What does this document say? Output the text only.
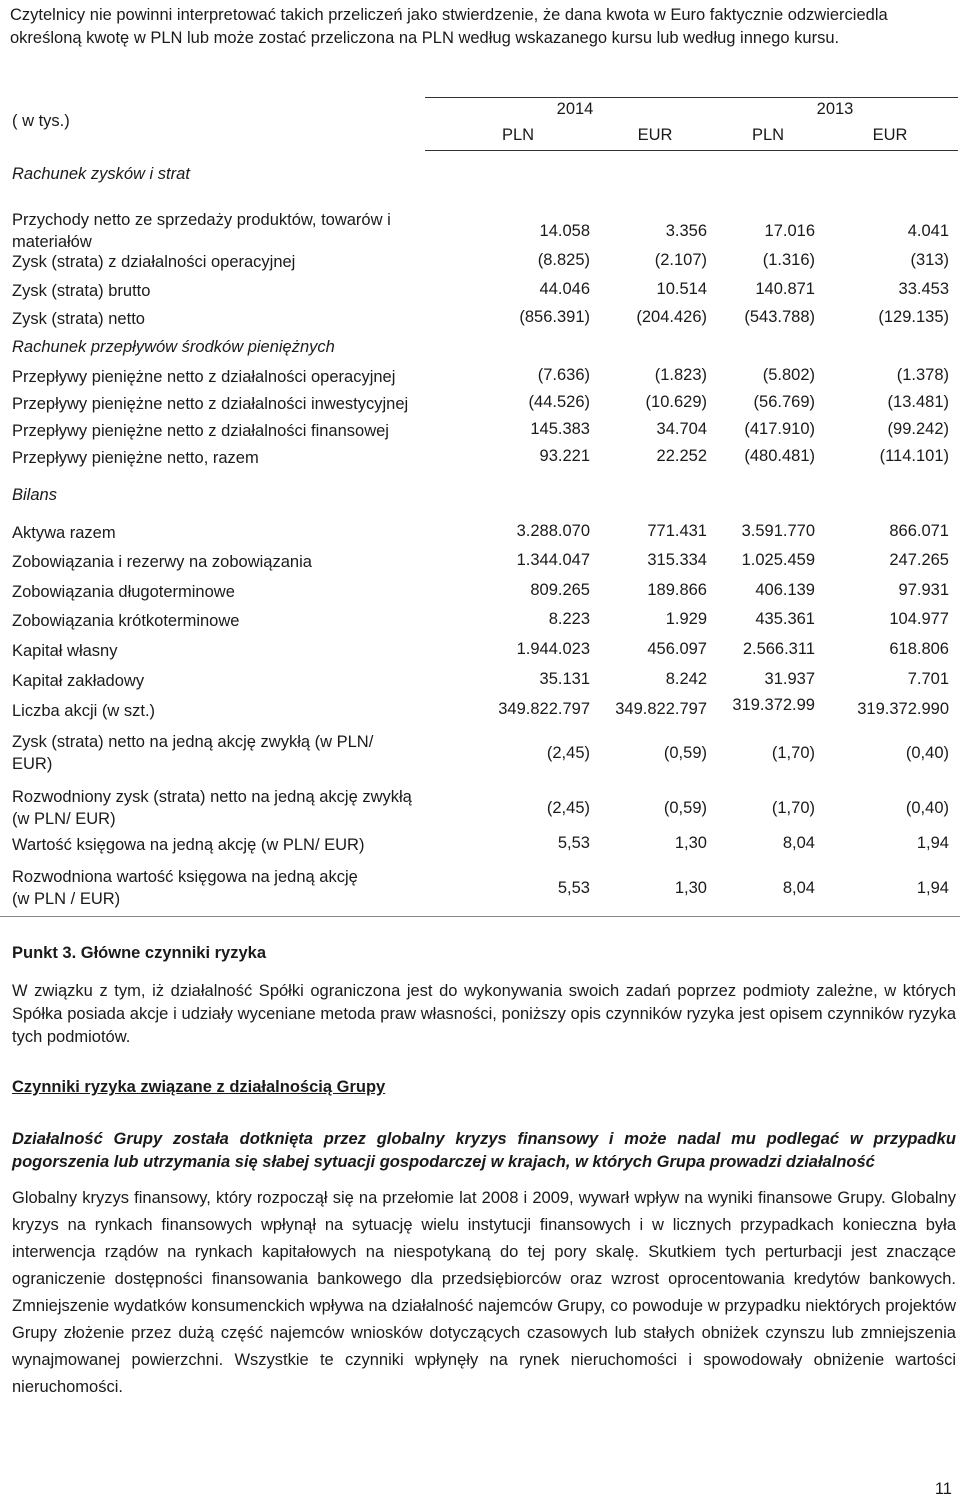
Czytelnicy nie powinni interpretować takich przeliczeń jako stwierdzenie, że dana kwota w Euro faktycznie odzwierciedla określoną kwotę w PLN lub może zostać przeliczona na PLN według wskazanego kursu lub według innego kursu.
( w tys.)
2014	2013
PLN	EUR	PLN	EUR
Rachunek zysków i strat
Przychody netto ze sprzedaży produktów, towarów i
materiałów
14.058	3.356	17.016	4.041
Zysk (strata) z działalności operacyjnej	(8.825)	(2.107)	(1.316)	(313)
Zysk (strata) brutto	44.046	10.514	140.871	33.453
Zysk (strata) netto	(856.391)	(204.426) (543.788)	(129.135)
Przepływy pieniężne netto z działalności operacyjnej	(7.636)	(1.823)	(5.802)	(1.378)
Przepływy pieniężne netto z działalności inwestycyjnej	(44.526)	(10.629)	(56.769)	(13.481)
Przepływy pieniężne netto z działalności finansowej	145.383	34.704 (417.910)	(99.242)
Przepływy pieniężne netto, razem	93.221	22.252 (480.481)	(114.101)
Aktywa razem	3.288.070	771.431 3.591.770	866.071
Zobowiązania i rezerwy na zobowiązania	1.344.047	315.334 1.025.459	247.265
Zobowiązania długoterminowe	809.265	189.866	406.139	97.931
Zobowiązania krótkoterminowe	8.223	1.929	435.361	104.977
Kapitał własny	1.944.023	456.097 2.566.311	618.806
Kapitał zakładowy	35.131	8.242	31.937	7.701
Liczba akcji (w szt.)	349.822.797 349.822.797 319.372.99	319.372.990
Zysk (strata) netto na jedną akcję zwykłą (w PLN/
EUR)
(2,45)	(0,59)	(1,70)	(0,40)
Rozwodniony zysk (strata) netto na jedną akcję zwykłą
(w PLN/ EUR)
(2,45)	(0,59)	(1,70)	(0,40)
Wartość księgowa na jedną akcję (w PLN/ EUR)	5,53	1,30	8,04	1,94
Rozwodniona wartość księgowa na jedną akcję
(w PLN / EUR)
5,53	1,30	8,04	1,94
Rachunek przepływów środków pieniężnych
Bilans
Punkt 3. Główne czynniki ryzyka
W związku z tym, iż działalność Spółki ograniczona jest do wykonywania swoich zadań poprzez podmioty zależne, w których Spółka posiada akcje i udziały wyceniane metoda praw własności, poniższy opis czynników ryzyka jest opisem czynników ryzyka tych podmiotów.
Czynniki ryzyka związane z działalnością Grupy
Działalność Grupy została dotknięta przez globalny kryzys finansowy i może nadal mu podlegać w przypadku pogorszenia lub utrzymania się słabej sytuacji gospodarczej w krajach, w których Grupa prowadzi działalność
Globalny kryzys finansowy, który rozpoczął się na przełomie lat 2008 i 2009, wywarł wpływ na wyniki finansowe Grupy. Globalny kryzys na rynkach finansowych wpłynął na sytuację wielu instytucji finansowych i w licznych przypadkach konieczna była interwencja rządów na rynkach kapitałowych na niespotykaną do tej pory skalę. Skutkiem tych perturbacji jest znaczące ograniczenie dostępności finansowania bankowego dla przedsiębiorców oraz wzrost oprocentowania kredytów bankowych. Zmniejszenie wydatków konsumenckich wpływa na działalność najemców Grupy, co powoduje w przypadku niektórych projektów Grupy złożenie przez dużą część najemców wniosków dotyczących czasowych lub stałych obniżek czynszu lub zmniejszenia wynajmowanej powierzchni. Wszystkie te czynniki wpłynęły na rynek nieruchomości i spowodowały obniżenie wartości nieruchomości.
11
